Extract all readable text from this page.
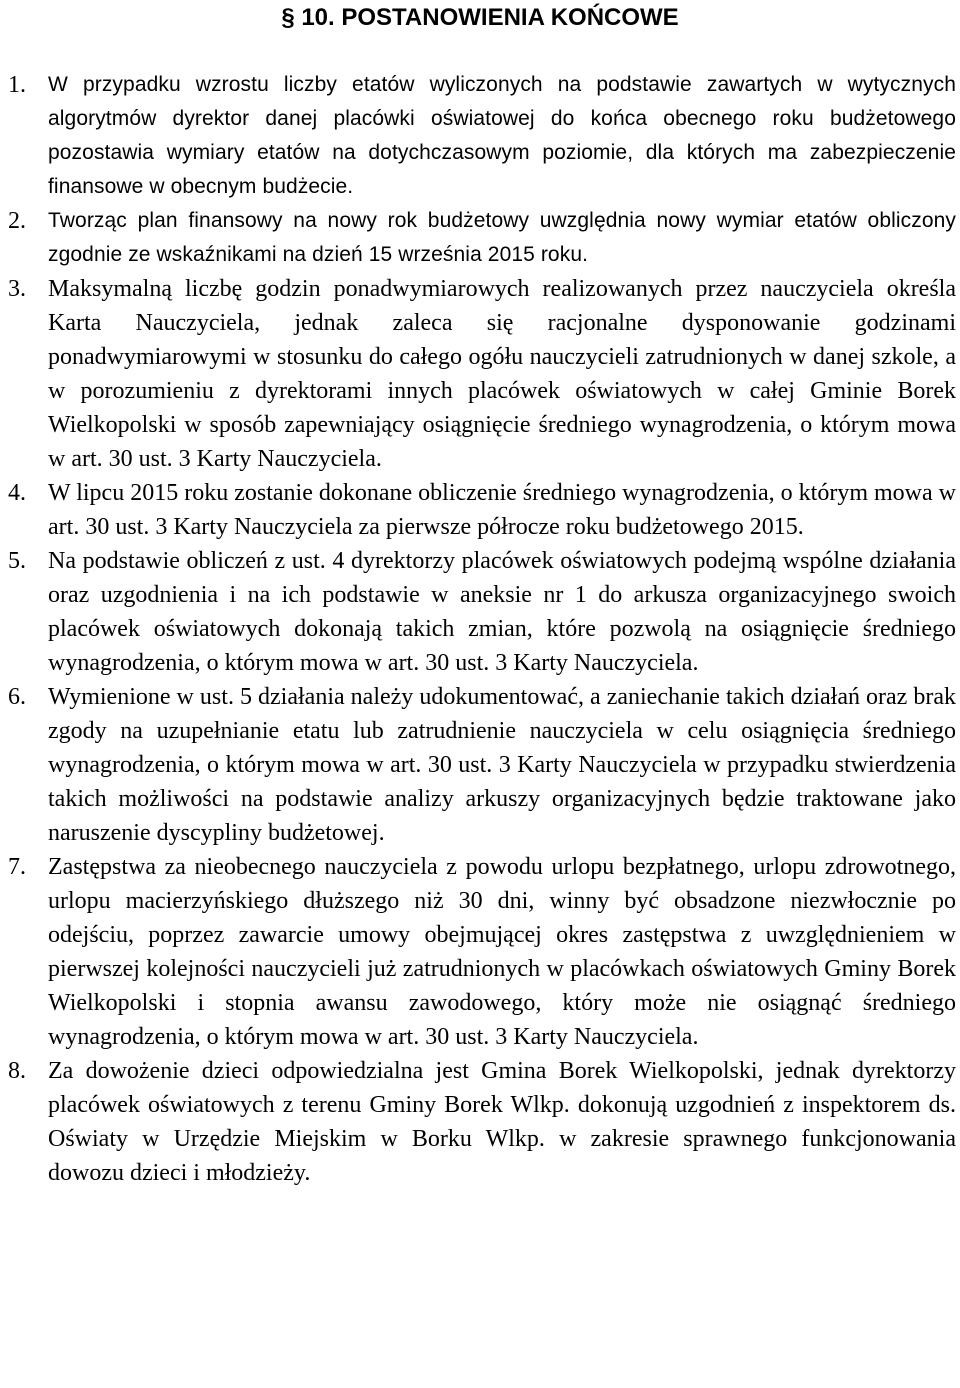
§ 10. POSTANOWIENIA KOŃCOWE
1.	W przypadku wzrostu liczby etatów wyliczonych na podstawie zawartych w wytycznych algorytmów dyrektor danej placówki oświatowej do końca obecnego roku budżetowego pozostawia wymiary etatów na dotychczasowym poziomie, dla których ma zabezpieczenie finansowe w obecnym budżecie.
2.	Tworząc plan finansowy na nowy rok budżetowy uwzględnia nowy wymiar etatów obliczony zgodnie ze wskaźnikami na dzień 15 września 2015 roku.
3. Maksymalną liczbę godzin ponadwymiarowych realizowanych przez nauczyciela określa Karta Nauczyciela, jednak zaleca się racjonalne dysponowanie godzinami ponadwymiarowymi w stosunku do całego ogółu nauczycieli zatrudnionych w danej szkole, a w porozumieniu z dyrektorami innych placówek oświatowych w całej Gminie Borek Wielkopolski w sposób zapewniający osiągnięcie średniego wynagrodzenia, o którym mowa w art. 30 ust. 3 Karty Nauczyciela.
4. W lipcu 2015 roku zostanie dokonane obliczenie średniego wynagrodzenia, o którym mowa w art. 30 ust. 3 Karty Nauczyciela za pierwsze półrocze roku budżetowego 2015.
5. Na podstawie obliczeń z ust. 4 dyrektorzy placówek oświatowych podejmą wspólne działania oraz uzgodnienia i na ich podstawie w aneksie nr 1 do arkusza organizacyjnego swoich placówek oświatowych dokonają takich zmian, które pozwolą na osiągnięcie średniego wynagrodzenia, o którym mowa w art. 30 ust. 3 Karty Nauczyciela.
6. Wymienione w ust. 5 działania należy udokumentować, a zaniechanie takich działań oraz brak zgody na uzupełnianie etatu lub zatrudnienie nauczyciela w celu osiągnięcia średniego wynagrodzenia, o którym mowa w art. 30 ust. 3 Karty Nauczyciela w przypadku stwierdzenia takich możliwości na podstawie analizy arkuszy organizacyjnych będzie traktowane jako naruszenie dyscypliny budżetowej.
7. Zastępstwa za nieobecnego nauczyciela z powodu urlopu bezpłatnego, urlopu zdrowotnego, urlopu macierzyńskiego dłuższego niż 30 dni, winny być obsadzone niezwłocznie po odejściu, poprzez zawarcie umowy obejmującej okres zastępstwa z uwzględnieniem w pierwszej kolejności nauczycieli już zatrudnionych w placówkach oświatowych Gminy Borek Wielkopolski i stopnia awansu zawodowego, który może nie osiągnąć średniego wynagrodzenia, o którym mowa w art. 30 ust. 3 Karty Nauczyciela.
8. Za dowożenie dzieci odpowiedzialna jest Gmina Borek Wielkopolski, jednak dyrektorzy placówek oświatowych z terenu Gminy Borek Wlkp. dokonują uzgodnień z inspektorem ds. Oświaty w Urzędzie Miejskim w Borku Wlkp. w zakresie sprawnego funkcjonowania dowozu dzieci i młodzieży.
